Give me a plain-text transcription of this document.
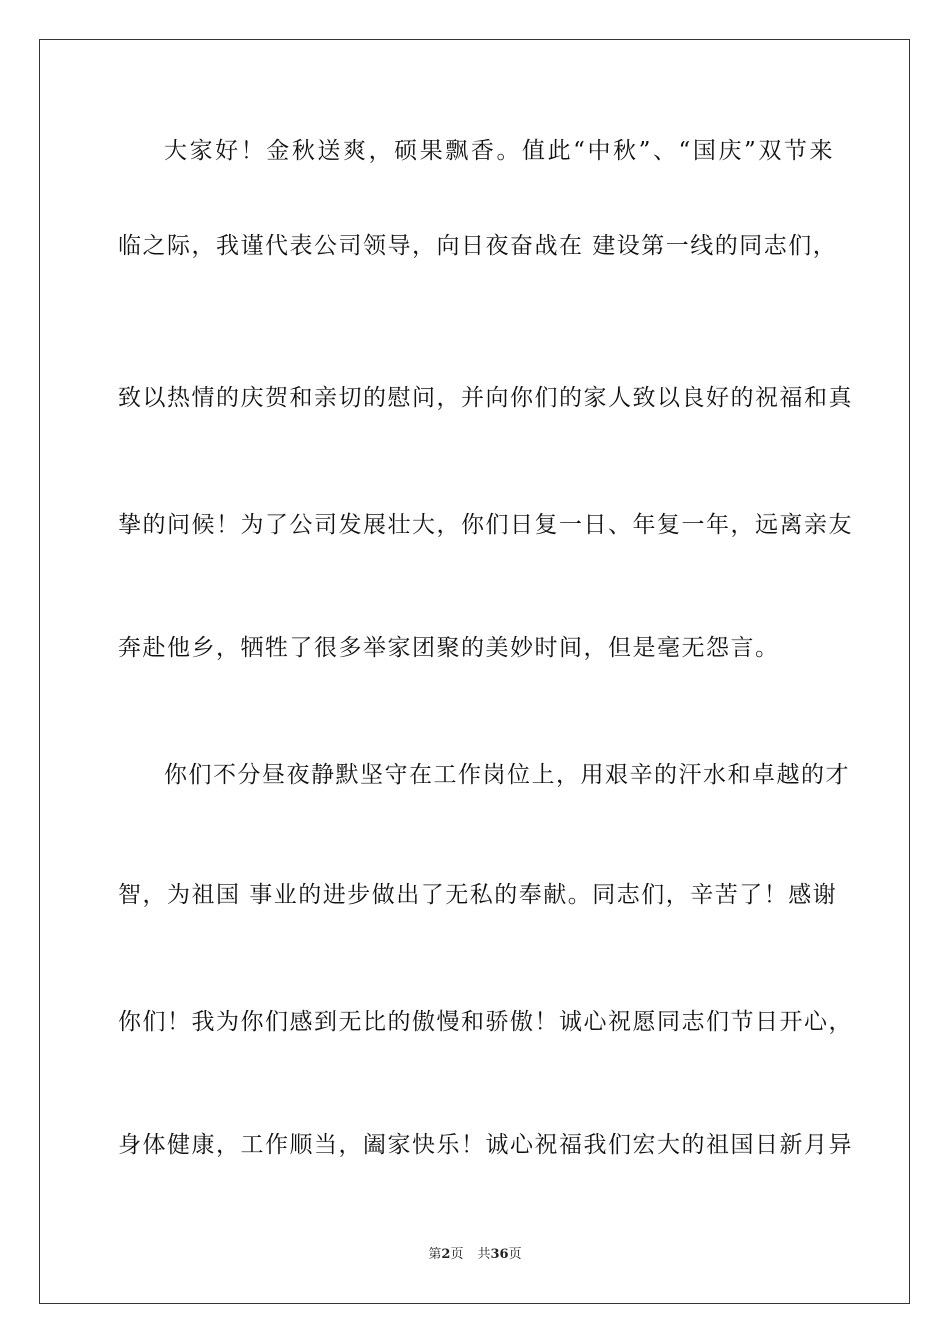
大家好！金秋送爽，硕果飘香。值此“中秋”、“国庆”双节来
临之际，我谨代表公司领导，向日夜奋战在 建设第一线的同志们，
致以热情的庆贺和亲切的慰问，并向你们的家人致以良好的祝福和真
挚的问候！为了公司发展壮大，你们日复一日、年复一年，远离亲友
奔赴他乡，牺牲了很多举家团聚的美妙时间，但是毫无怨言。
你们不分昼夜静默坚守在工作岗位上，用艰辛的汗水和卓越的才
智，为祖国 事业的进步做出了无私的奉献。同志们，辛苦了！感谢
你们！我为你们感到无比的傲慢和骄傲！诚心祝愿同志们节日开心，
身体健康，工作顺当，阖家快乐！诚心祝福我们宏大的祖国日新月异
第2页 共36页
